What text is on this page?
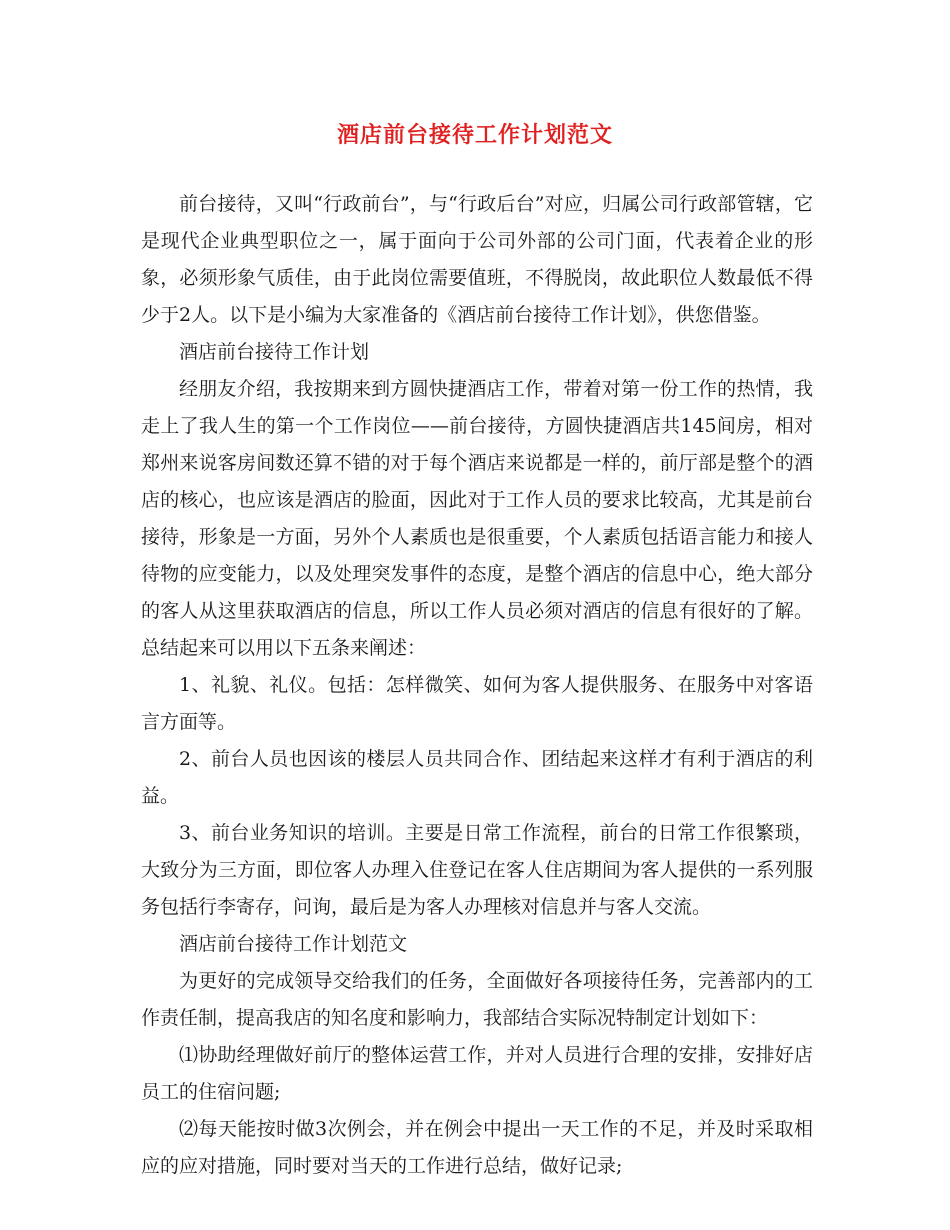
酒店前台接待工作计划范文

前台接待，又叫“行政前台”，与“行政后台”对应，归属公司行政部管辖，它是现代企业典型职位之一，属于面向于公司外部的公司门面，代表着企业的形象，必须形象气质佳，由于此岗位需要值班，不得脱岗，故此职位人数最低不得少于2人。以下是小编为大家准备的《酒店前台接待工作计划》，供您借鉴。

酒店前台接待工作计划

经朋友介绍，我按期来到方圆快捷酒店工作，带着对第一份工作的热情，我走上了我人生的第一个工作岗位——前台接待，方圆快捷酒店共145间房，相对郑州来说客房间数还算不错的对于每个酒店来说都是一样的，前厅部是整个的酒店的核心，也应该是酒店的脸面，因此对于工作人员的要求比较高，尤其是前台接待，形象是一方面，另外个人素质也是很重要，个人素质包括语言能力和接人待物的应变能力，以及处理突发事件的态度，是整个酒店的信息中心，绝大部分的客人从这里获取酒店的信息，所以工作人员必须对酒店的信息有很好的了解。总结起来可以用以下五条来阐述：

1、礼貌、礼仪。包括：怎样微笑、如何为客人提供服务、在服务中对客语言方面等。

2、前台人员也因该的楼层人员共同合作、团结起来这样才有利于酒店的利益。

3、前台业务知识的培训。主要是日常工作流程，前台的日常工作很繁琐，大致分为三方面，即位客人办理入住登记在客人住店期间为客人提供的一系列服务包括行李寄存，问询，最后是为客人办理核对信息并与客人交流。

酒店前台接待工作计划范文

为更好的完成领导交给我们的任务，全面做好各项接待任务，完善部内的工作责任制，提高我店的知名度和影响力，我部结合实际况特制定计划如下：

⑴协助经理做好前厅的整体运营工作，并对人员进行合理的安排，安排好店员工的住宿问题;

⑵每天能按时做3次例会，并在例会中提出一天工作的不足，并及时采取相应的应对措施，同时要对当天的工作进行总结，做好记录;
